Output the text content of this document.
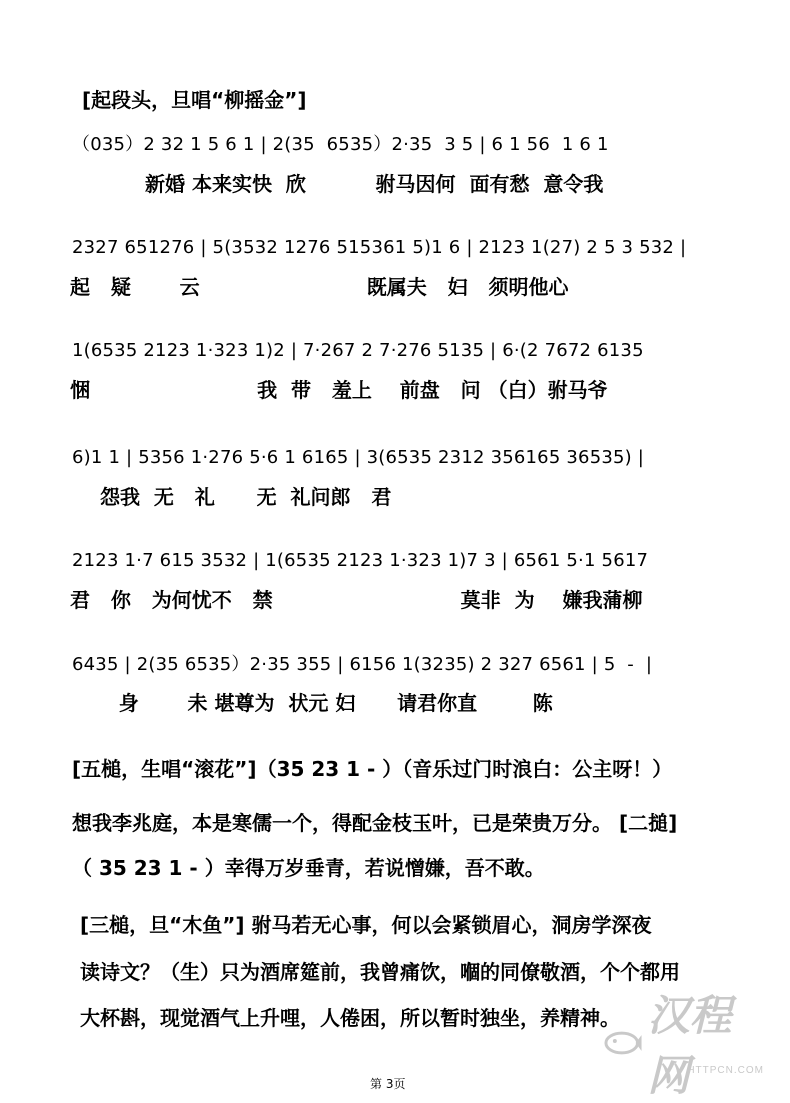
[起段头，旦唱“柳摇金”]
（035）2 32 1 5 6 1 | 2(35  6535）2·35  3 5 | 6 1 56  1 6 1
新婚 本来实快  欣          驸马因何  面有愁  意令我
2327 651276 | 5(3532 1276 515361 5)1 6 | 2123 1(27) 2 5 3 532 |
起   疑       云                        既属夫   妇   须明他心
1(6535 2123 1·323 1)2 | 7·267 2 7·276 5135 | 6·(2 7672 6135
悃                        我  带   羞上    前盘   问 （白）驸马爷
6)1 1 | 5356 1·276 5·6 1 6165 | 3(6535 2312 356165 36535) |
怨我  无   礼      无  礼问郎   君
2123 1·7 615 3532 | 1(6535 2123 1·323 1)7 3 | 6561 5·1 5617
君   你   为何忧不   禁                           莫非  为    嫌我蒲柳
6435 | 2(35 6535）2·35 355 | 6156 1(3235) 2 327 6561 | 5  -  |
身       未 堪尊为  状元 妇      请君你直        陈
[五槌，生唱“滚花”]（35 23 1 - ）（音乐过门时浪白：公主呀！）
想我李兆庭，本是寒儒一个，得配金枝玉叶，已是荣贵万分。 [二搥]
（ 35 23 1 - ）幸得万岁垂青，若说憎嫌，吾不敢。
[三槌，旦“木鱼”] 驸马若无心事，何以会紧锁眉心，洞房学深夜
读诗文？（生）只为酒席筵前，我曾痛饮，嗰的同僚敬酒，个个都用
大杯斟，现觉酒气上升哩，人倦困，所以暂时独坐，养精神。 汉程网
HTTPCN.COM
第 3页
